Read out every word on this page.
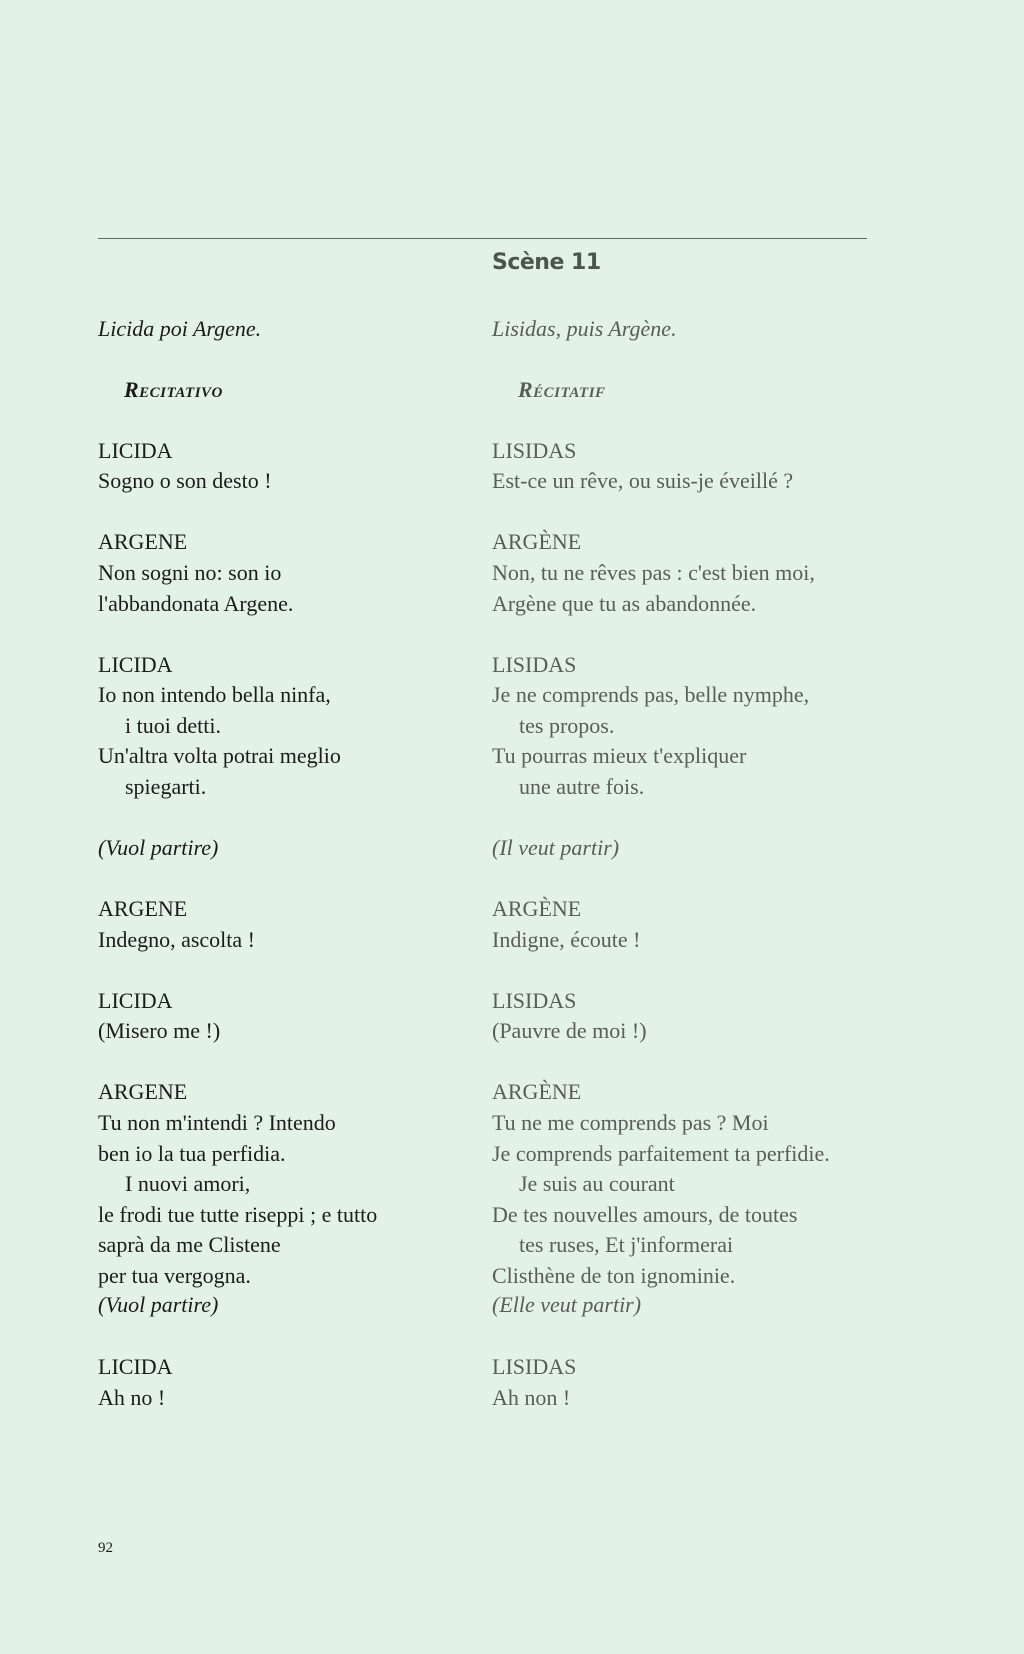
Scène 11
Licida poi Argene.
Recitativo
LICIDA
Sogno o son desto !
ARGENE
Non sogni no: son io
l'abbandonata Argene.
LICIDA
Io non intendo bella ninfa,
i tuoi detti.
Un'altra volta potrai meglio
spiegarti.
(Vuol partire)
ARGENE
Indegno, ascolta !
LICIDA
(Misero me !)
ARGENE
Tu non m'intendi ? Intendo
ben io la tua perfidia.
I nuovi amori,
le frodi tue tutte riseppi ; e tutto
saprà da me Clistene
per tua vergogna.
(Vuol partire)
LICIDA
Ah no !
Lisidas, puis Argène.
Récitatif
LISIDAS
Est-ce un rêve, ou suis-je éveillé ?
ARGÈNE
Non, tu ne rêves pas : c'est bien moi,
Argène que tu as abandonnée.
LISIDAS
Je ne comprends pas, belle nymphe,
tes propos.
Tu pourras mieux t'expliquer
une autre fois.
(Il veut partir)
ARGÈNE
Indigne, écoute !
LISIDAS
(Pauvre de moi !)
ARGÈNE
Tu ne me comprends pas ? Moi
Je comprends parfaitement ta perfidie.
Je suis au courant
De tes nouvelles amours, de toutes
tes ruses, Et j'informerai
Clisthène de ton ignominie.
(Elle veut partir)
LISIDAS
Ah non !
92
